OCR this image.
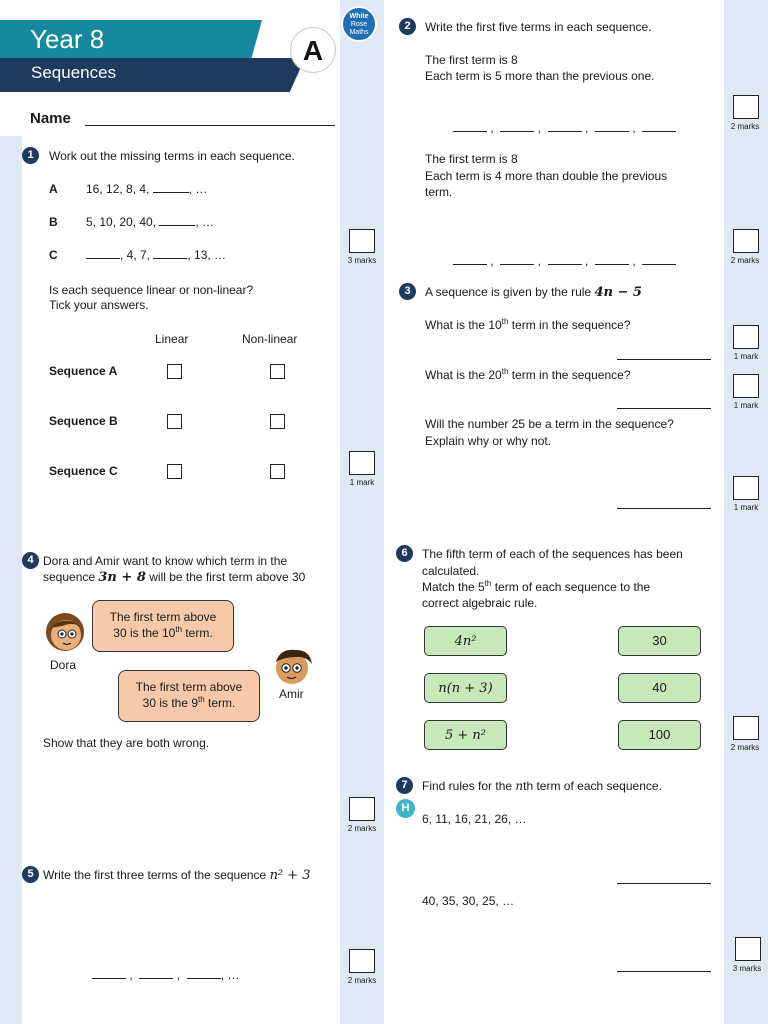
Year 8
Sequences
A
White
Rose
Maths
Name
1	Work out the missing terms in each sequence.
A 16, 12, 8, 4,	, …
B 5, 10, 20, 40,	, …
C	, 4, 7,	, 13, …	3 marks
Is each sequence linear or non-linear?
Tick your answers.
Linear	Non-linear
Sequence A
Sequence B
Sequence C
1 mark
2	Write the first five terms in each sequence.
The first term is 8
Each term is 5 more than the previous one.
,	,	,	,	2 marks
The first term is 8
Each term is 4 more than double the previous term.
,	,	,	,	2 marks
3	A sequence is given by the rule 4n − 5
What is the 10th term in the sequence?
1 mark
What is the 20th term in the sequence?
1 mark
Will the number 25 be a term in the sequence?
Explain why or why not.
1 mark
4 Dora and Amir want to know which term in the
sequence 3n + 8 will be the first term above 30
Dora
The first term above
30 is the 10th term.
Amir
The first term above
30 is the 9th term.
Show that they are both wrong.
2 marks
5 Write the first three terms of the sequence n² + 3
,	,	, …	2 marks
6	The fifth term of each of the sequences has been
calculated.
Match the 5th term of each sequence to the
correct algebraic rule.
4n²
n(n + 3)
5 + n²
30
40
100
2 marks
7	Find rules for the nth term of each sequence.
H
6, 11, 16, 21, 26, …
40, 35, 30, 25, …
3 marks
